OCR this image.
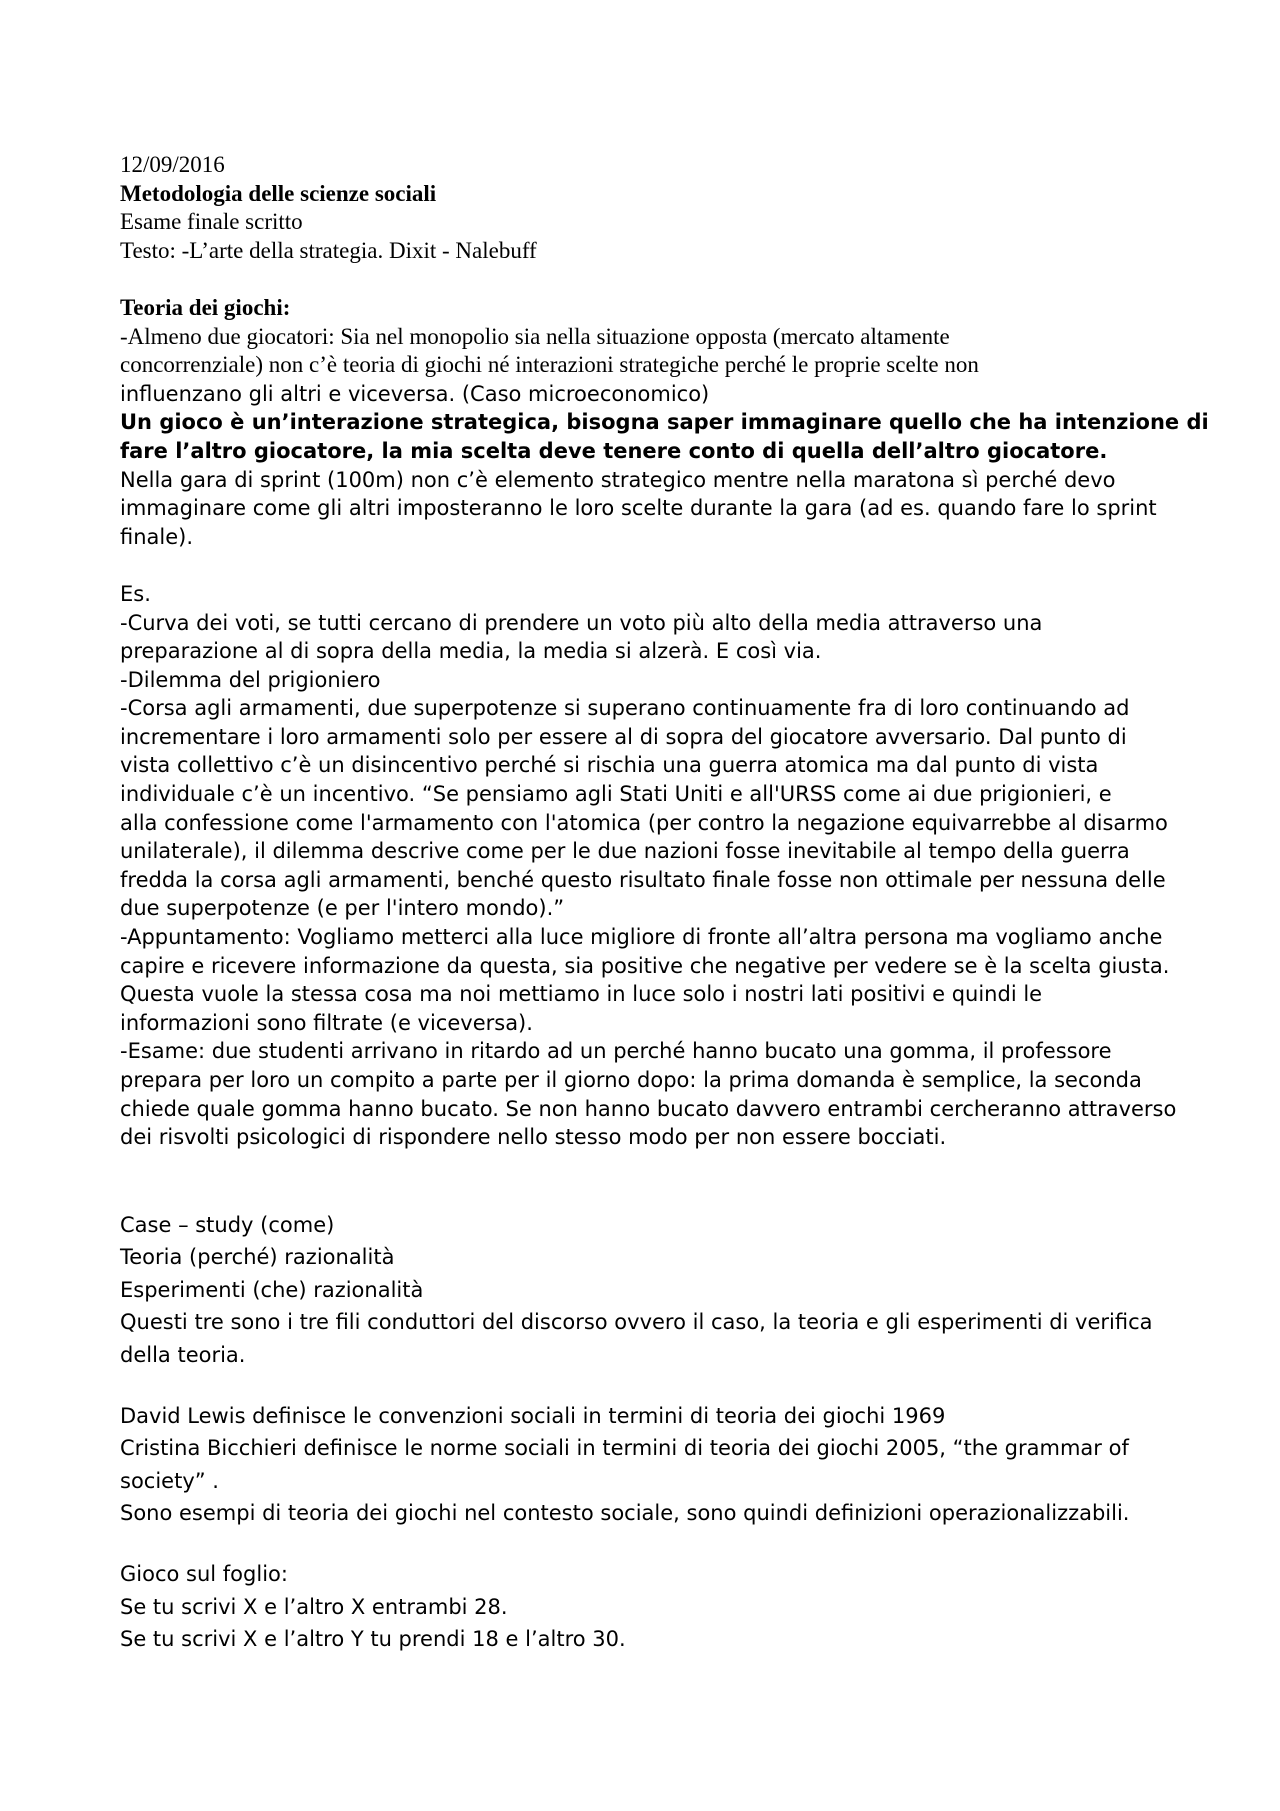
12/09/2016

Metodologia delle scienze sociali

Esame finale scritto

Testo: -L’arte della strategia. Dixit - Nalebuff

Teoria dei giochi:

-Almeno due giocatori: Sia nel monopolio sia nella situazione opposta (mercato altamente

concorrenziale) non c’è teoria di giochi né interazioni strategiche perché le proprie scelte non

influenzano gli altri e viceversa. (Caso microeconomico)

Un gioco è un’interazione strategica, bisogna saper immaginare quello che ha intenzione di

fare l’altro giocatore, la mia scelta deve tenere conto di quella dell’altro giocatore.

Nella gara di sprint (100m) non c’è elemento strategico mentre nella maratona sì perché devo

immaginare come gli altri imposteranno le loro scelte durante la gara (ad es. quando fare lo sprint

finale).

Es.

-Curva dei voti, se tutti cercano di prendere un voto più alto della media attraverso una

preparazione al di sopra della media, la media si alzerà. E così via.

-Dilemma del prigioniero

-Corsa agli armamenti, due superpotenze si superano continuamente fra di loro continuando ad

incrementare i loro armamenti solo per essere al di sopra del giocatore avversario. Dal punto di

vista collettivo c’è un disincentivo perché si rischia una guerra atomica ma dal punto di vista

individuale c’è un incentivo. “Se pensiamo agli Stati Uniti e all'URSS come ai due prigionieri, e

alla confessione come l'armamento con l'atomica (per contro la negazione equivarrebbe al disarmo

unilaterale), il dilemma descrive come per le due nazioni fosse inevitabile al tempo della guerra

fredda la corsa agli armamenti, benché questo risultato finale fosse non ottimale per nessuna delle

due superpotenze (e per l'intero mondo).”

-Appuntamento: Vogliamo metterci alla luce migliore di fronte all’altra persona ma vogliamo anche

capire e ricevere informazione da questa, sia positive che negative per vedere se è la scelta giusta.

Questa vuole la stessa cosa ma noi mettiamo in luce solo i nostri lati positivi e quindi le

informazioni sono filtrate (e viceversa).

-Esame: due studenti arrivano in ritardo ad un perché hanno bucato una gomma, il professore

prepara per loro un compito a parte per il giorno dopo: la prima domanda è semplice, la seconda

chiede quale gomma hanno bucato. Se non hanno bucato davvero entrambi cercheranno attraverso

dei risvolti psicologici di rispondere nello stesso modo per non essere bocciati.

Case – study (come)

Teoria (perché) razionalità

Esperimenti (che) razionalità

Questi tre sono i tre fili conduttori del discorso ovvero il caso, la teoria e gli esperimenti di verifica

della teoria.

David Lewis definisce le convenzioni sociali in termini di teoria dei giochi 1969

Cristina Bicchieri definisce le norme sociali in termini di teoria dei giochi 2005, “the grammar of

society” .

Sono esempi di teoria dei giochi nel contesto sociale, sono quindi definizioni operazionalizzabili.

Gioco sul foglio:

Se tu scrivi X e l’altro X entrambi 28.

Se tu scrivi X e l’altro Y tu prendi 18 e l’altro 30.
